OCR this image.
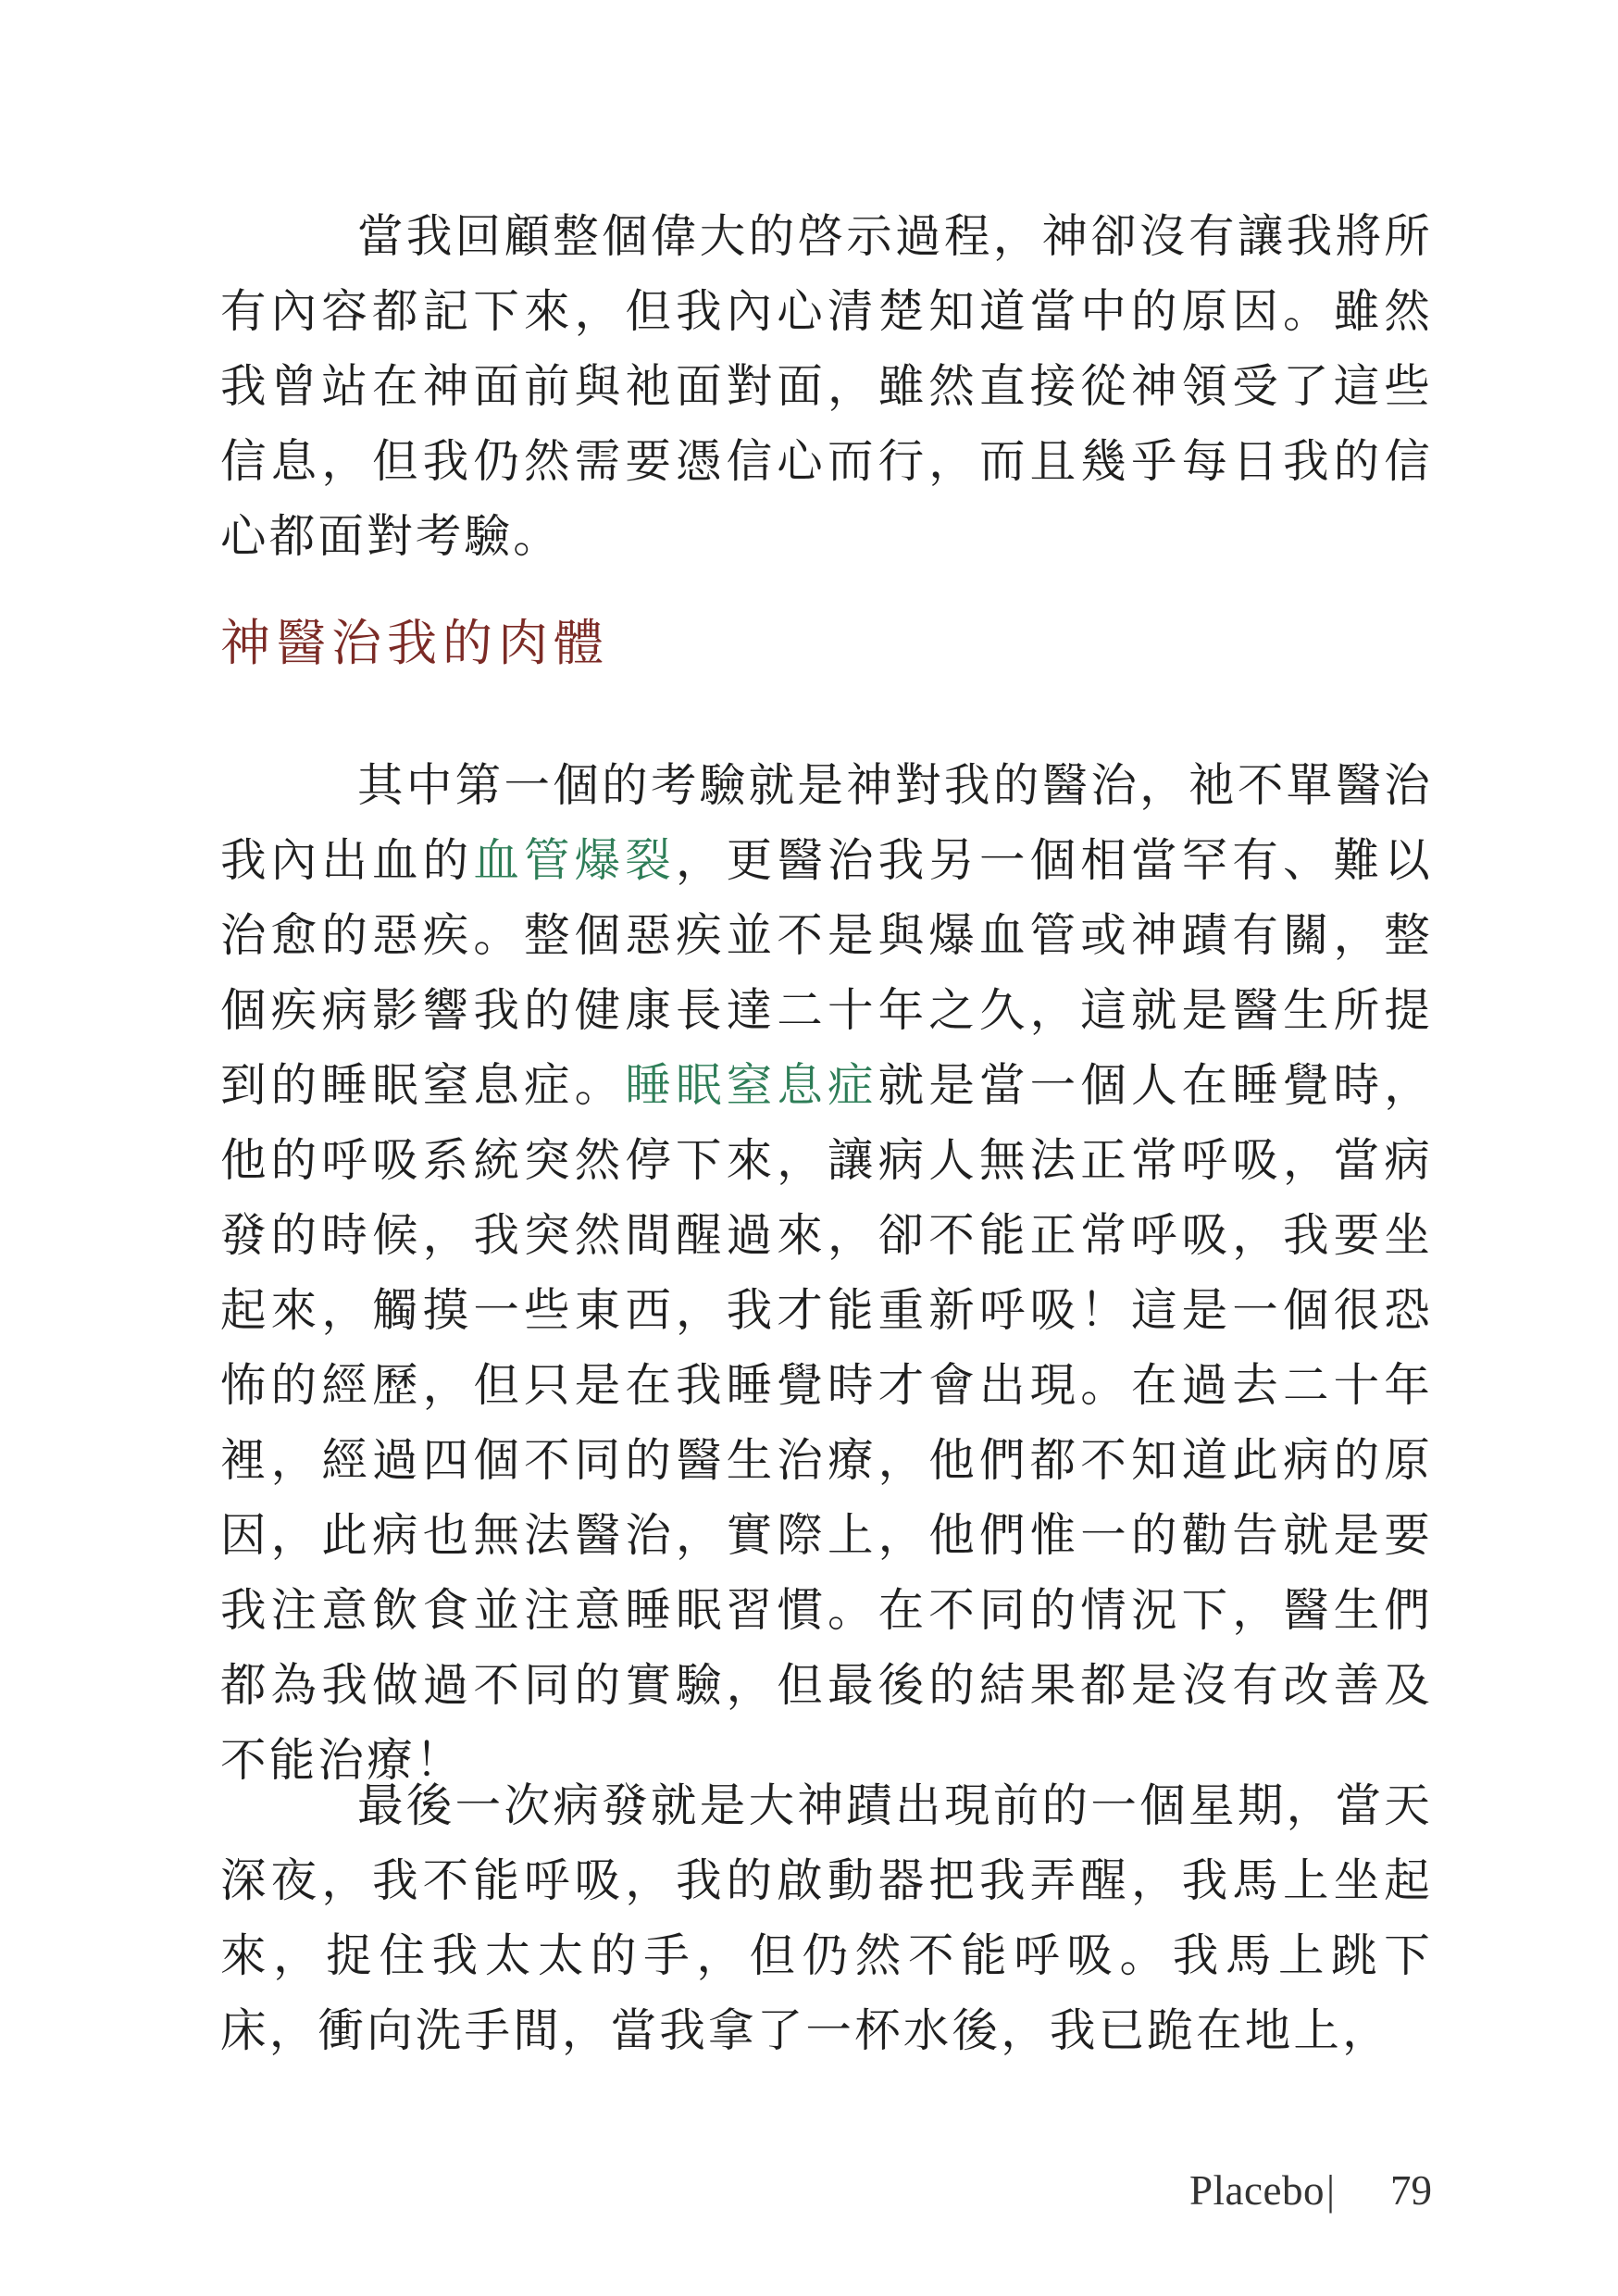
當我回顧整個偉大的啓示過程，神卻沒有讓我將所有內容都記下來，但我內心清楚知道當中的原因。雖然我曾站在神面前與祂面對面，雖然直接從神領受了這些信息，但我仍然需要憑信心而行，而且幾乎每日我的信心都面對考驗。

神醫治我的肉體

其中第一個的考驗就是神對我的醫治，祂不單醫治我內出血的血管爆裂，更醫治我另一個相當罕有、難以治愈的惡疾。整個惡疾並不是與爆血管或神蹟有關，整個疾病影響我的健康長達二十年之久，這就是醫生所提到的睡眠窒息症。睡眠窒息症就是當一個人在睡覺時，他的呼吸系統突然停下來，讓病人無法正常呼吸，當病發的時候，我突然間醒過來，卻不能正常呼吸，我要坐起來，觸摸一些東西，我才能重新呼吸！這是一個很恐怖的經歷，但只是在我睡覺時才會出現。在過去二十年裡，經過四個不同的醫生治療，他們都不知道此病的原因，此病也無法醫治，實際上，他們惟一的勸告就是要我注意飲食並注意睡眠習慣。在不同的情況下，醫生們都為我做過不同的實驗，但最後的結果都是沒有改善及不能治療！

最後一次病發就是大神蹟出現前的一個星期，當天深夜，我不能呼吸，我的啟動器把我弄醒，我馬上坐起來，捉住我太太的手，但仍然不能呼吸。我馬上跳下床，衝向洗手間，當我拿了一杯水後，我已跪在地上，

Placebo| 79
